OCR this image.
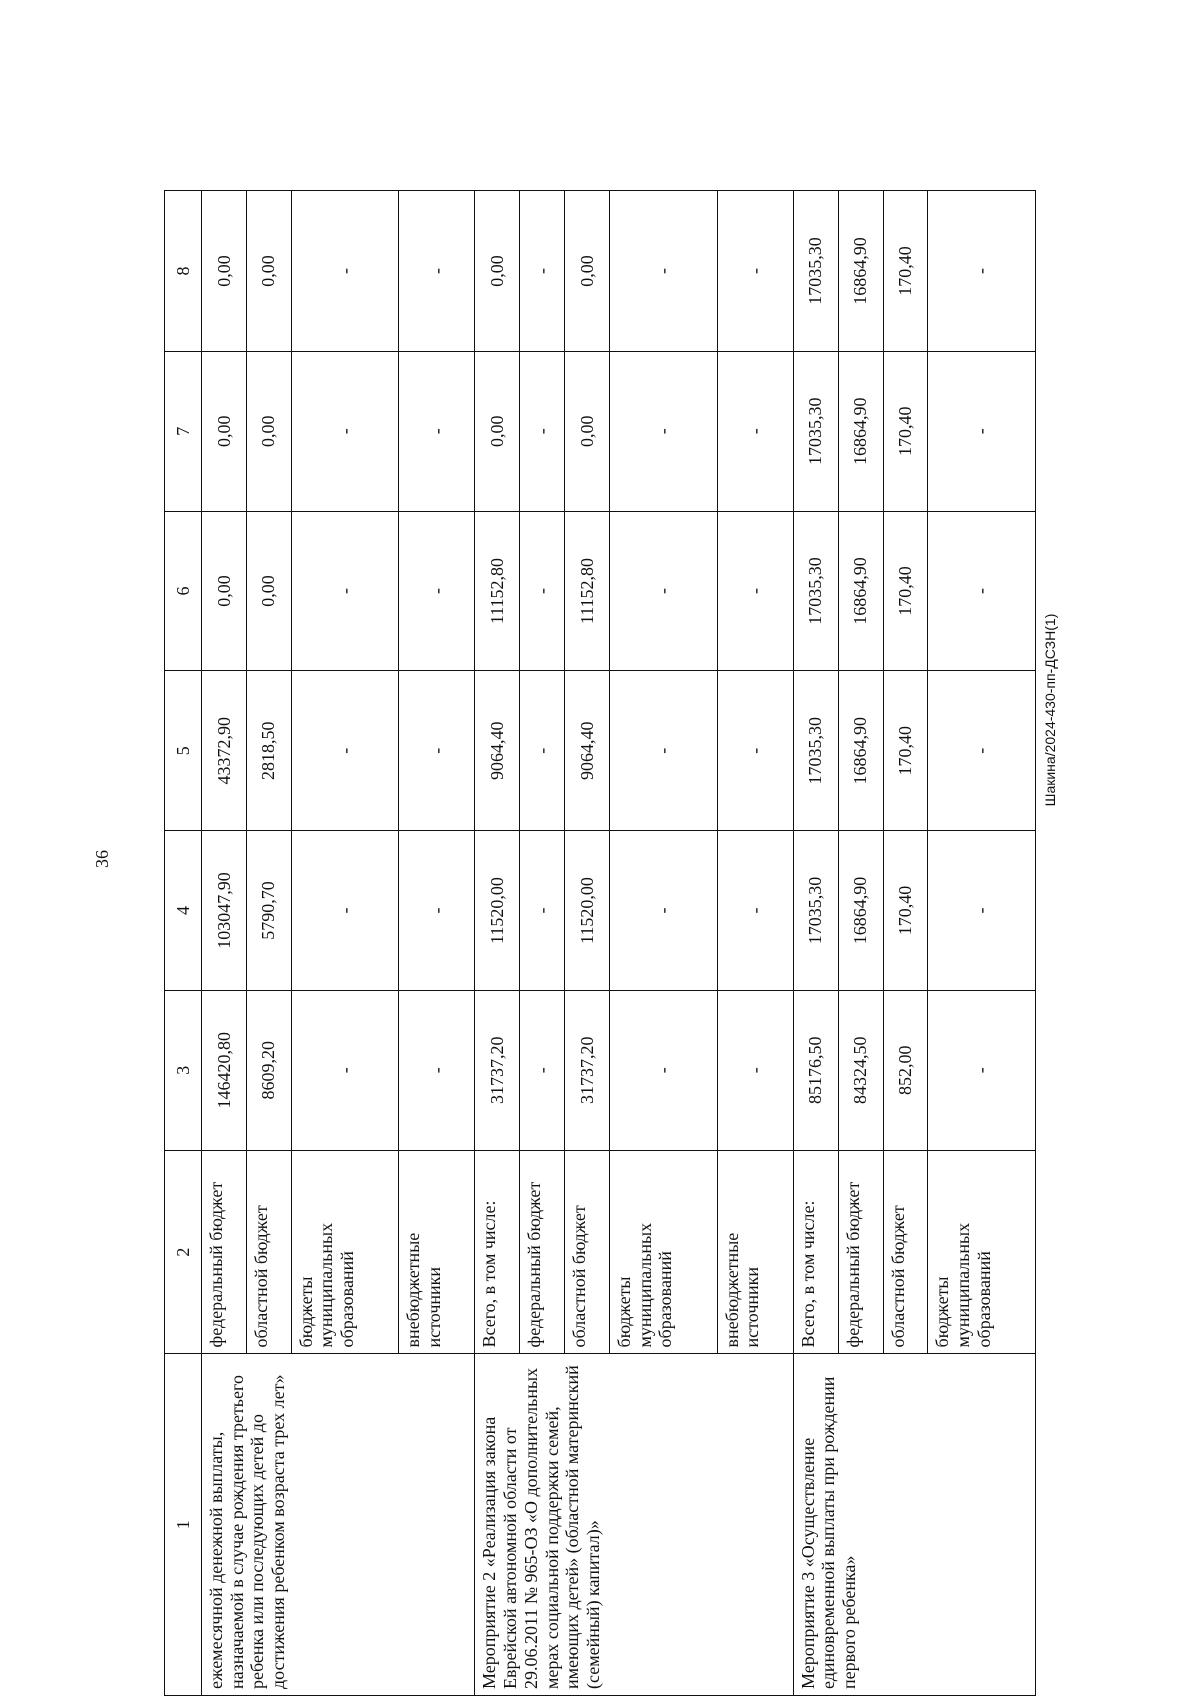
36
Шакина/2024-430-пп-ДСЗН(1)
1	2	3	4	5	6	7	8
ежемесячной денежной выплаты, назначаемой в случае рождения третьего ребенка или последующих детей до достижения ребенком возраста трех лет»	федеральный бюджет	146420,80	103047,90	43372,90	0,00	0,00	0,00
	областной бюджет	8609,20	5790,70	2818,50	0,00	0,00	0,00
	бюджеты муниципальных образований	-	-	-	-	-	-
	внебюджетные источники	-	-	-	-	-	-
Мероприятие 2 «Реализация закона Еврейской автономной области от 29.06.2011 № 965-ОЗ «О дополнительных мерах социальной поддержки семей, имеющих детей» (областной материнский (семейный) капитал)»	Всего, в том числе:	31737,20	11520,00	9064,40	11152,80	0,00	0,00
	федеральный бюджет	-	-	-	-	-	-
	областной бюджет	31737,20	11520,00	9064,40	11152,80	0,00	0,00
	бюджеты муниципальных образований	-	-	-	-	-	-
	внебюджетные источники	-	-	-	-	-	-
Мероприятие 3 «Осуществление единовременной выплаты при рождении первого ребенка»	Всего, в том числе:	85176,50	17035,30	17035,30	17035,30	17035,30	17035,30
	федеральный бюджет	84324,50	16864,90	16864,90	16864,90	16864,90	16864,90
	областной бюджет	852,00	170,40	170,40	170,40	170,40	170,40
	бюджеты муниципальных образований	-	-	-	-	-	-
